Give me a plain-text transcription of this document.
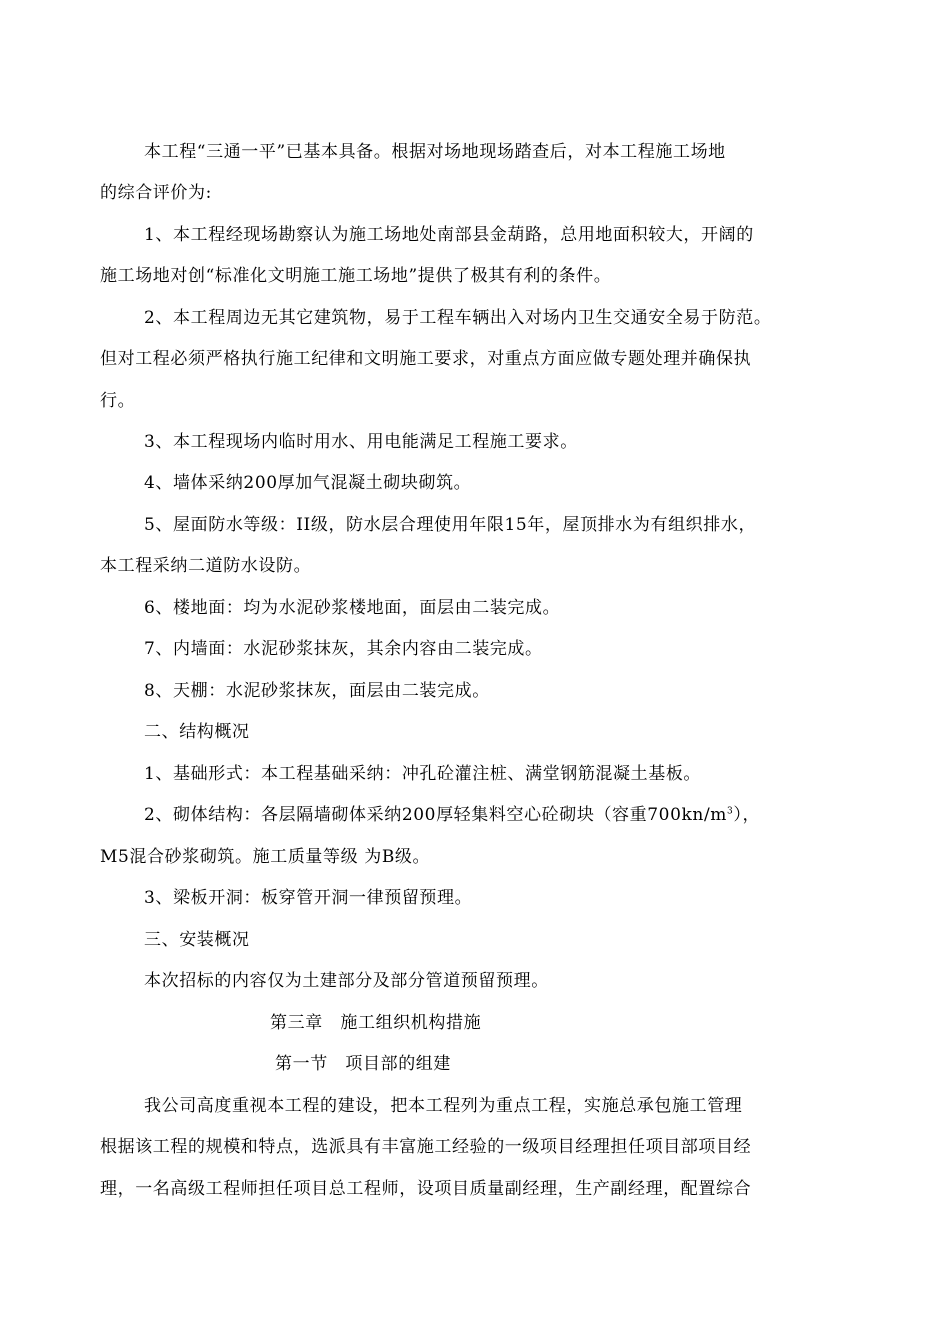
本工程“三通一平”已基本具备。根据对场地现场踏查后，对本工程施工场地
的综合评价为:
1、本工程经现场勘察认为施工场地处南部县金葫路，总用地面积较大，开阔的
施工场地对创“标准化文明施工施工场地”提供了极其有利的条件。
2、本工程周边无其它建筑物，易于工程车辆出入对场内卫生交通安全易于防范。
但对工程必须严格执行施工纪律和文明施工要求，对重点方面应做专题处理并确保执
行。
3、本工程现场内临时用水、用电能满足工程施工要求。
4、墙体采纳200厚加气混凝土砌块砌筑。
5、屋面防水等级：II级，防水层合理使用年限15年，屋顶排水为有组织排水，
本工程采纳二道防水设防。
6、楼地面：均为水泥砂浆楼地面，面层由二装完成。
7、内墙面：水泥砂浆抹灰，其余内容由二装完成。
8、天棚：水泥砂浆抹灰，面层由二装完成。
二、结构概况
1、基础形式：本工程基础采纳：冲孔砼灌注桩、满堂钢筋混凝土基板。
2、砌体结构：各层隔墙砌体采纳200厚轻集料空心砼砌块（容重$700kn/m^3$），
M5混合砂浆砌筑。施工质量等级 为B级。
3、梁板开洞：板穿管开洞一律预留预理。
三、安装概况
本次招标的内容仅为土建部分及部分管道预留预理。
第三章　施工组织机构措施
第一节　项目部的组建
我公司高度重视本工程的建设，把本工程列为重点工程，实施总承包施工管理
根据该工程的规模和特点，选派具有丰富施工经验的一级项目经理担任项目部项目经
理，一名高级工程师担任项目总工程师，设项目质量副经理，生产副经理，配置综合
